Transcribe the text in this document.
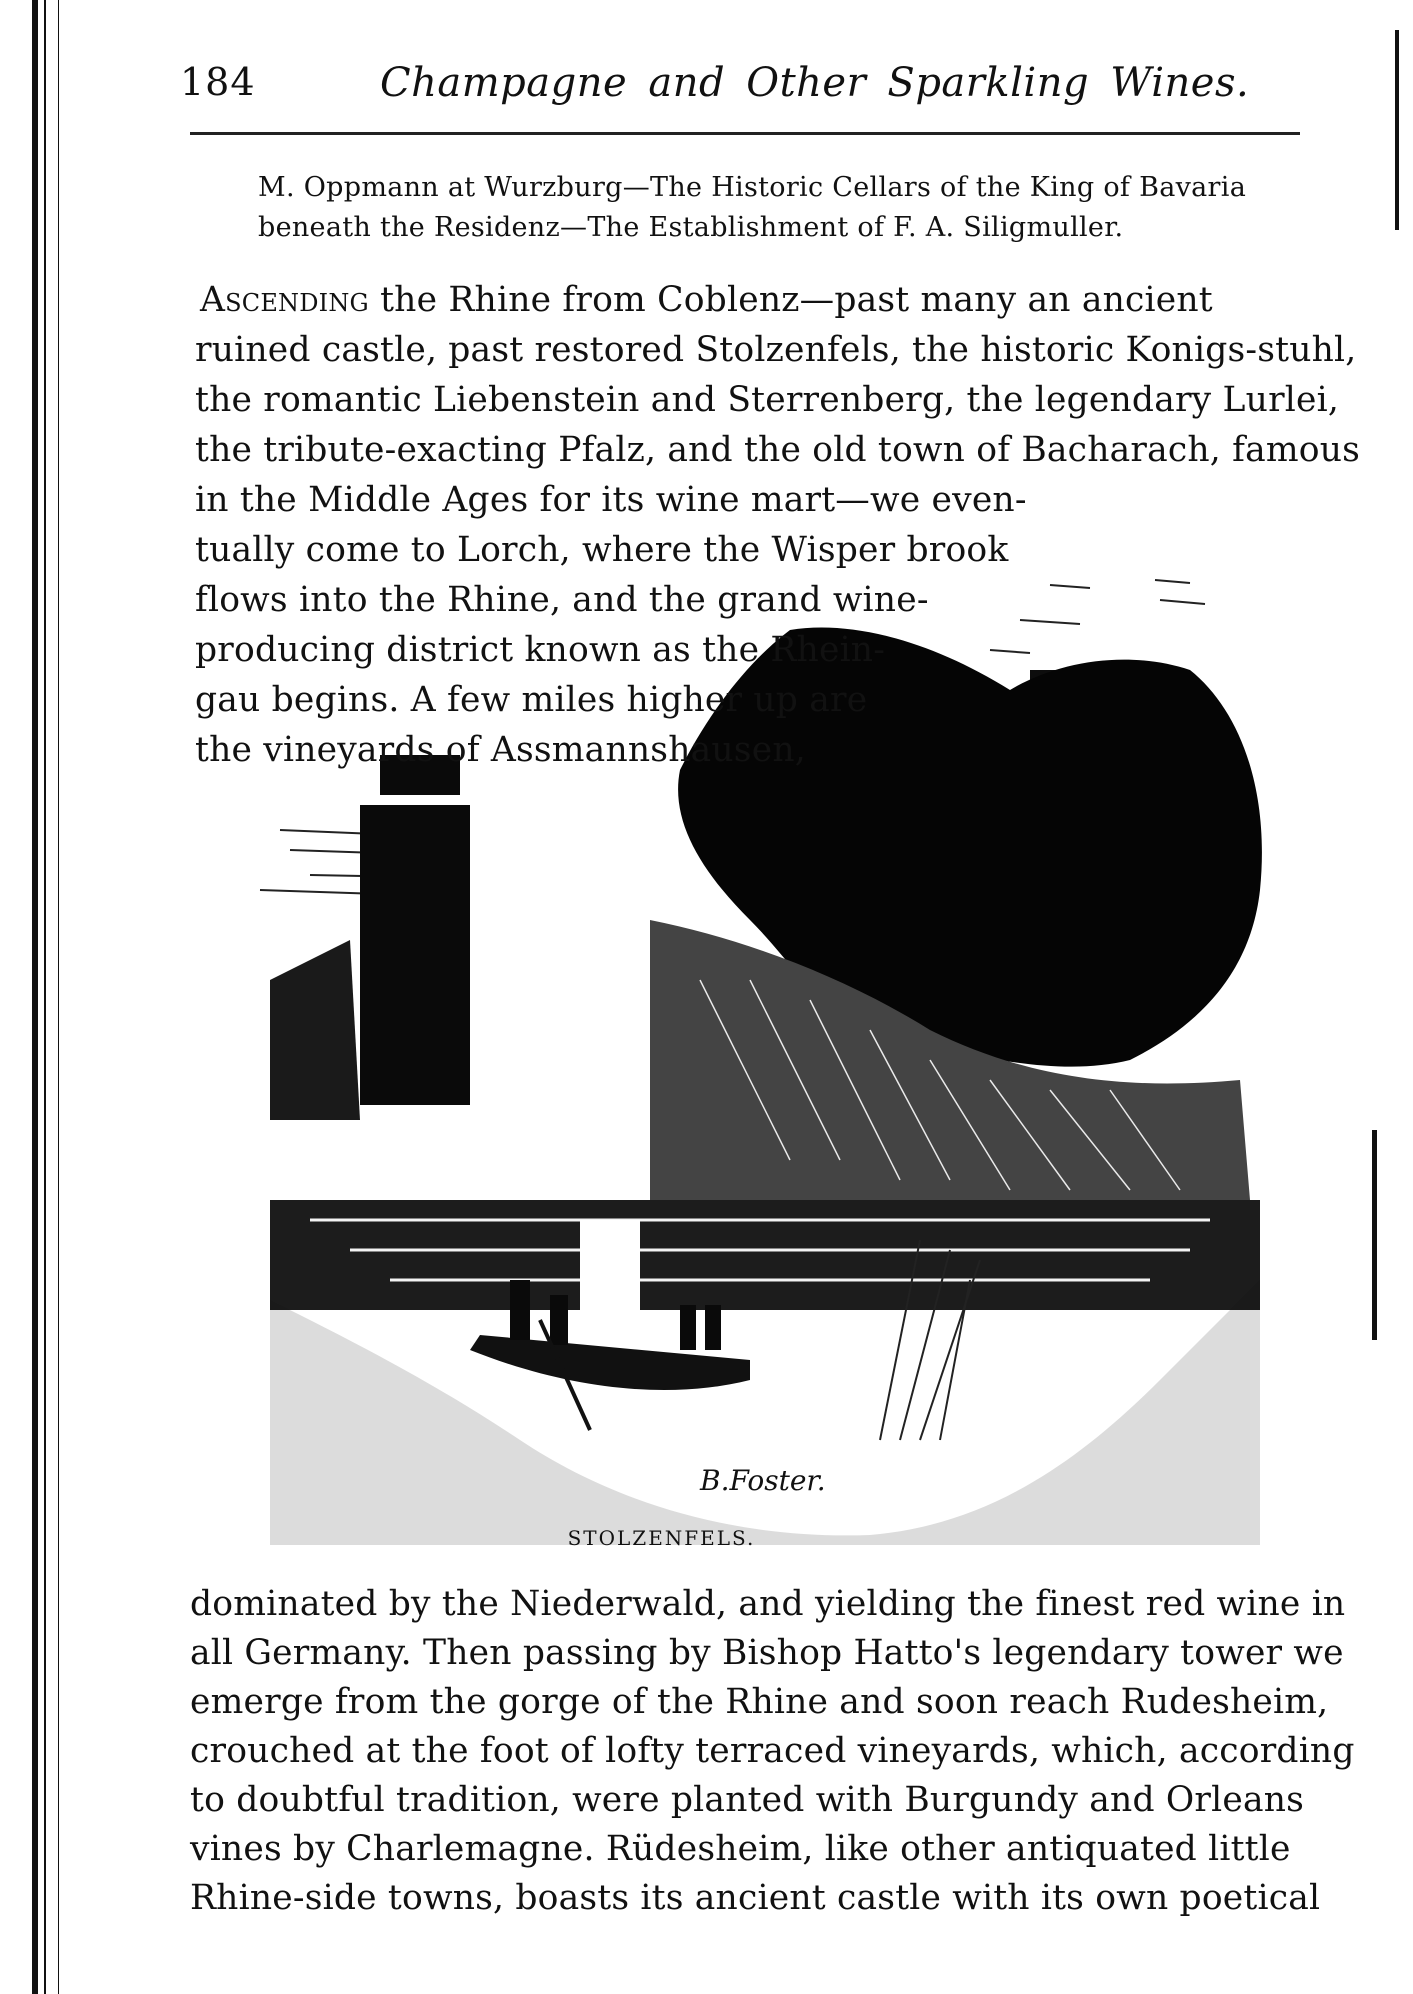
184	Champagne and Other Sparkling Wines.
M. Oppmann at Wurzburg—The Historic Cellars of the King of Bavaria
beneath the Residenz—The Establishment of F. A. Siligmuller.
Ascending the Rhine from Coblenz—past many an ancient
ruined castle, past restored Stolzenfels, the historic Konigs-stuhl,
the romantic Liebenstein and Sterrenberg, the legendary Lurlei,
the tribute-exacting Pfalz, and the old town of Bacharach, famous
B.Foster.
in the Middle Ages for its wine mart—we even-
tually come to Lorch, where the Wisper brook
flows into the Rhine, and the grand wine-
producing district known as the Rhein-
gau begins. A few miles higher up are
the vineyards of Assmannshausen,
STOLZENFELS.
dominated by the Niederwald, and yielding the finest red wine in
all Germany. Then passing by Bishop Hatto's legendary tower we
emerge from the gorge of the Rhine and soon reach Rudesheim,
crouched at the foot of lofty terraced vineyards, which, according
to doubtful tradition, were planted with Burgundy and Orleans
vines by Charlemagne. Rüdesheim, like other antiquated little
Rhine-side towns, boasts its ancient castle with its own poetical
